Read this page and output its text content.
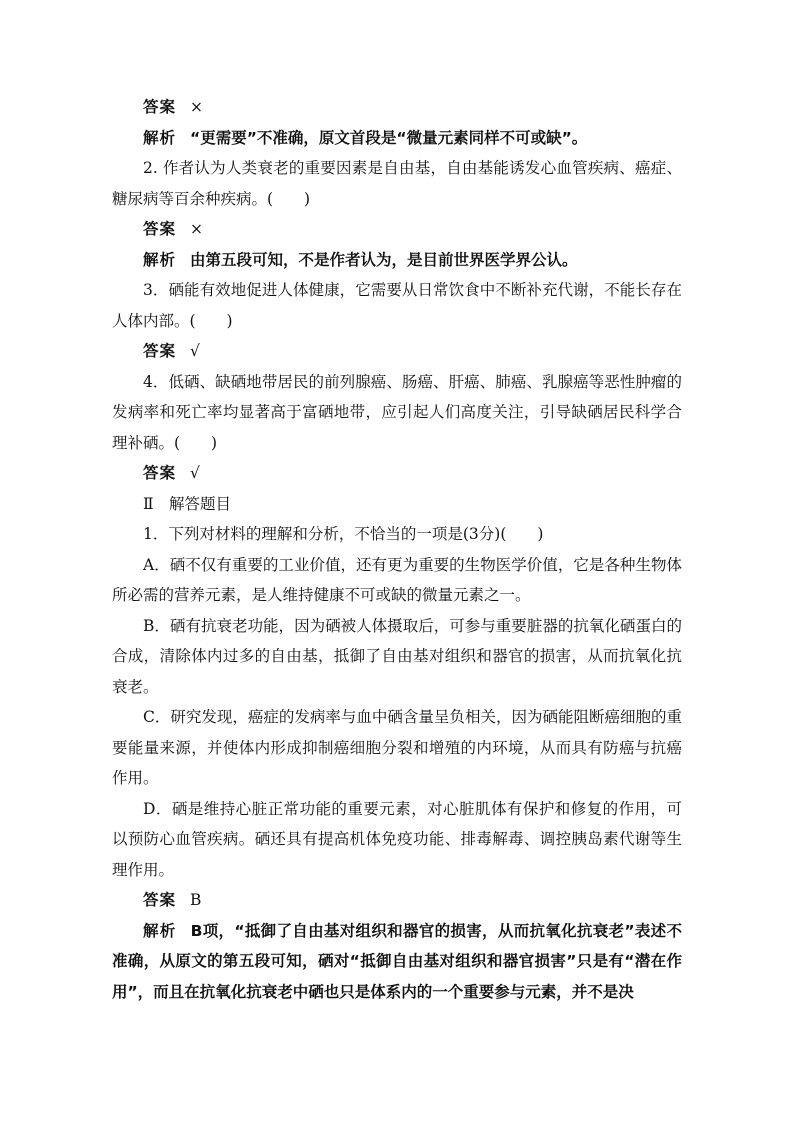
答案 ×

解析 “更需要”不准确，原文首段是“微量元素同样不可或缺”。

2. 作者认为人类衰老的重要因素是自由基，自由基能诱发心血管疾病、癌症、糖尿病等百余种疾病。(　　)

答案 ×

解析 由第五段可知，不是作者认为，是目前世界医学界公认。

3．硒能有效地促进人体健康，它需要从日常饮食中不断补充代谢，不能长存在人体内部。(　　)

答案 √

4．低硒、缺硒地带居民的前列腺癌、肠癌、肝癌、肺癌、乳腺癌等恶性肿瘤的发病率和死亡率均显著高于富硒地带，应引起人们高度关注，引导缺硒居民科学合理补硒。(　　)

答案 √

Ⅱ　解答题目

1．下列对材料的理解和分析，不恰当的一项是(3分)(　　)

A．硒不仅有重要的工业价值，还有更为重要的生物医学价值，它是各种生物体所必需的营养元素，是人维持健康不可或缺的微量元素之一。

B．硒有抗衰老功能，因为硒被人体摄取后，可参与重要脏器的抗氧化硒蛋白的合成，清除体内过多的自由基，抵御了自由基对组织和器官的损害，从而抗氧化抗衰老。

C．研究发现，癌症的发病率与血中硒含量呈负相关，因为硒能阻断癌细胞的重要能量来源，并使体内形成抑制癌细胞分裂和增殖的内环境，从而具有防癌与抗癌作用。

D．硒是维持心脏正常功能的重要元素，对心脏肌体有保护和修复的作用，可以预防心血管疾病。硒还具有提高机体免疫功能、排毒解毒、调控胰岛素代谢等生理作用。

答案 B

解析 B项，“抵御了自由基对组织和器官的损害，从而抗氧化抗衰老”表述不准确，从原文的第五段可知，硒对“抵御自由基对组织和器官损害”只是有“潜在作用”，而且在抗氧化抗衰老中硒也只是体系内的一个重要参与元素，并不是决
